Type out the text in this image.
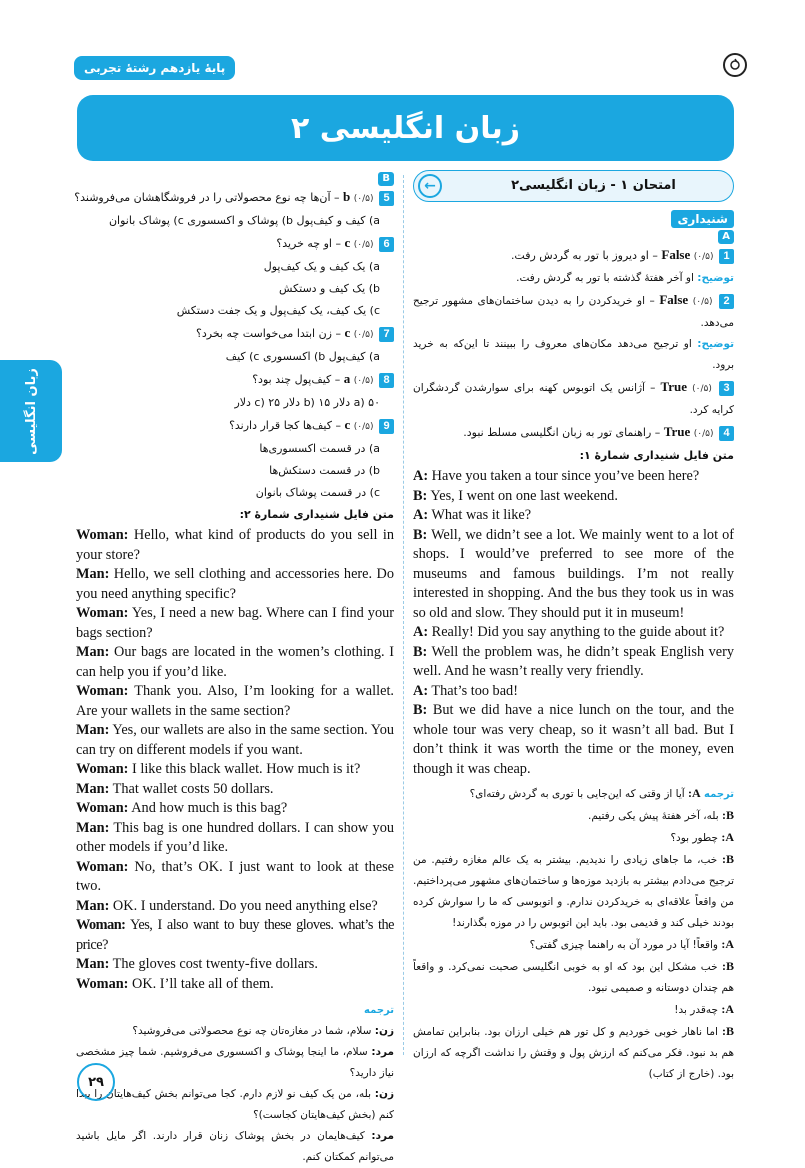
پایهٔ یازدهم رشتهٔ تجربی
زبان انگلیسی ۲
زبان انگلیسی
B
5 b (۰/۵) – آن‌ها چه نوع محصولاتی را در فروشگاهشان می‌فروشند؟
a) کیف و کیف‌پول b) پوشاک و اکسسوری c) پوشاک بانوان
6 c (۰/۵) – او چه خرید؟
a) یک کیف و یک کیف‌پول
b) یک کیف و دستکش
c) یک کیف، یک کیف‌پول و یک جفت دستکش
7 c (۰/۵) – زن ابتدا می‌خواست چه بخرد؟
a) کیف‌پول b) اکسسوری c) کیف
8 a (۰/۵) – کیف‌پول چند بود؟
a) ۵۰ دلار b) ۱۵ دلار c) ۲۵ دلار
9 c (۰/۵) – کیف‌ها کجا قرار دارند؟
a) در قسمت اکسسوری‌ها
b) در قسمت دستکش‌ها
c) در قسمت پوشاک بانوان
متن فایل شنیداری شمارهٔ ۲:
Woman: Hello, what kind of products do you sell in your store?
Man: Hello, we sell clothing and accessories here. Do you need anything specific?
Woman: Yes, I need a new bag. Where can I find your bags section?
Man: Our bags are located in the women’s clothing. I can help you if you’d like.
Woman: Thank you. Also, I’m looking for a wallet. Are your wallets in the same section?
Man: Yes, our wallets are also in the same section. You can try on different models if you want.
Woman: I like this black wallet. How much is it?
Man: That wallet costs 50 dollars.
Woman: And how much is this bag?
Man: This bag is one hundred dollars. I can show you other models if you’d like.
Woman: No, that’s OK. I just want to look at these two.
Man: OK. I understand. Do you need anything else?
Woman: Yes, I also want to buy these gloves. what’s the price?
Man: The gloves cost twenty-five dollars.
Woman: OK. I’ll take all of them.
ترجمه
زن: سلام، شما در مغازه‌تان چه نوع محصولاتی می‌فروشید؟
مرد: سلام، ما اینجا پوشاک و اکسسوری می‌فروشیم. شما چیز مشخصی نیاز دارید؟
زن: بله، من یک کیف نو لازم دارم. کجا می‌توانم بخش کیف‌هایتان را پیدا کنم (بخش کیف‌هایتان کجاست)؟
مرد: کیف‌هایمان در بخش پوشاک زنان قرار دارند. اگر مایل باشید می‌توانم کمکتان کنم.
←	امتحان ۱ - زبان انگلیسی۲
شنیداری
A
1 False (۰/۵) – او دیروز با تور به گردش رفت.
توضیح: او آخر هفتهٔ گذشته با تور به گردش رفت.
2 False (۰/۵) – او خریدکردن را به دیدن ساختمان‌های مشهور ترجیح می‌دهد.
توضیح: او ترجیح می‌دهد مکان‌های معروف را ببینند تا این‌که به خرید برود.
3 True (۰/۵) – آژانس یک اتوبوس کهنه برای سوارشدن گردشگران کرایه کرد.
4 True (۰/۵) – راهنمای تور به زبان انگلیسی مسلط نبود.
متن فایل شنیداری شمارهٔ ۱:
A: Have you taken a tour since you’ve been here?
B: Yes, I went on one last weekend.
A: What was it like?
B: Well, we didn’t see a lot. We mainly went to a lot of shops. I would’ve preferred to see more of the museums and famous buildings. I’m not really interested in shopping. And the bus they took us in was so old and slow. They should put it in museum!
A: Really! Did you say anything to the guide about it?
B: Well the problem was, he didn’t speak English very well. And he wasn’t really very friendly.
A: That’s too bad!
B: But we did have a nice lunch on the tour, and the whole tour was very cheap, so it wasn’t all bad. But I don’t think it was worth the time or the money, even though it was cheap.
ترجمه A: آیا از وقتی که این‌جایی با توری به گردش رفته‌ای؟
B: بله، آخر هفتهٔ پیش یکی رفتیم.
A: چطور بود؟
B: خب، ما جاهای زیادی را ندیدیم. بیشتر به یک عالم مغازه رفتیم. من ترجیح می‌دادم بیشتر به بازدید موزه‌ها و ساختمان‌های مشهور می‌پرداختیم. من واقعاً علاقه‌ای به خریدکردن ندارم. و اتوبوسی که ما را سوارش کرده بودند خیلی کند و قدیمی بود. باید این اتوبوس را در موزه بگذارند!
A: واقعاً! آیا در مورد آن به راهنما چیزی گفتی؟
B: خب مشکل این بود که او به خوبی انگلیسی صحبت نمی‌کرد. و واقعاً هم چندان دوستانه و صمیمی نبود.
A: چه‌قدر بد!
B: اما ناهار خوبی خوردیم و کل تور هم خیلی ارزان بود. بنابراین تمامش هم بد نبود. فکر می‌کنم که ارزش پول و وقتش را نداشت اگرچه که ارزان بود. (خارج از کتاب)
۲۹
